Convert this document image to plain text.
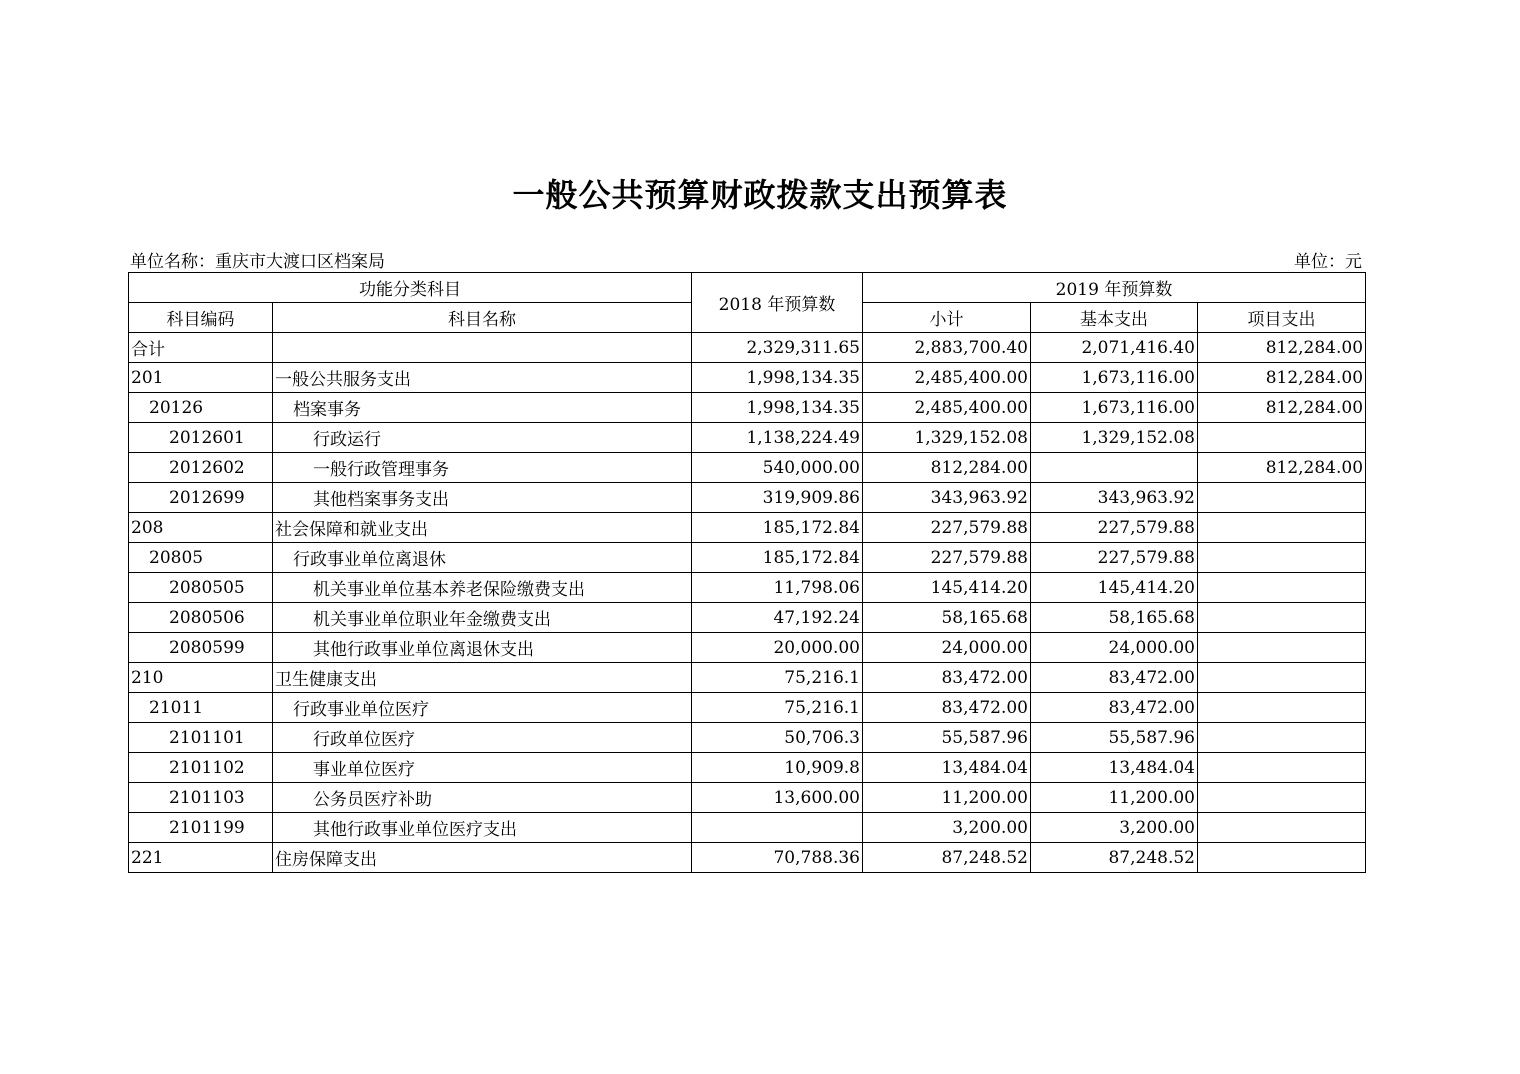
一般公共预算财政拨款支出预算表
单位名称：重庆市大渡口区档案局	单位：元
功能分类科目		2018 年预算数	2019 年预算数		
科目编码	科目名称		小计	基本支出	项目支出
合计		2,329,311.65	2,883,700.40	2,071,416.40	812,284.00
201	一般公共服务支出	1,998,134.35	2,485,400.00	1,673,116.00	812,284.00
20126	档案事务	1,998,134.35	2,485,400.00	1,673,116.00	812,284.00
2012601	行政运行	1,138,224.49	1,329,152.08	1,329,152.08	
2012602	一般行政管理事务	540,000.00	812,284.00		812,284.00
2012699	其他档案事务支出	319,909.86	343,963.92	343,963.92	
208	社会保障和就业支出	185,172.84	227,579.88	227,579.88	
20805	行政事业单位离退休	185,172.84	227,579.88	227,579.88	
2080505	机关事业单位基本养老保险缴费支出	11,798.06	145,414.20	145,414.20	
2080506	机关事业单位职业年金缴费支出	47,192.24	58,165.68	58,165.68	
2080599	其他行政事业单位离退休支出	20,000.00	24,000.00	24,000.00	
210	卫生健康支出	75,216.1	83,472.00	83,472.00	
21011	行政事业单位医疗	75,216.1	83,472.00	83,472.00	
2101101	行政单位医疗	50,706.3	55,587.96	55,587.96	
2101102	事业单位医疗	10,909.8	13,484.04	13,484.04	
2101103	公务员医疗补助	13,600.00	11,200.00	11,200.00	
2101199	其他行政事业单位医疗支出		3,200.00	3,200.00	
221	住房保障支出	70,788.36	87,248.52	87,248.52	
